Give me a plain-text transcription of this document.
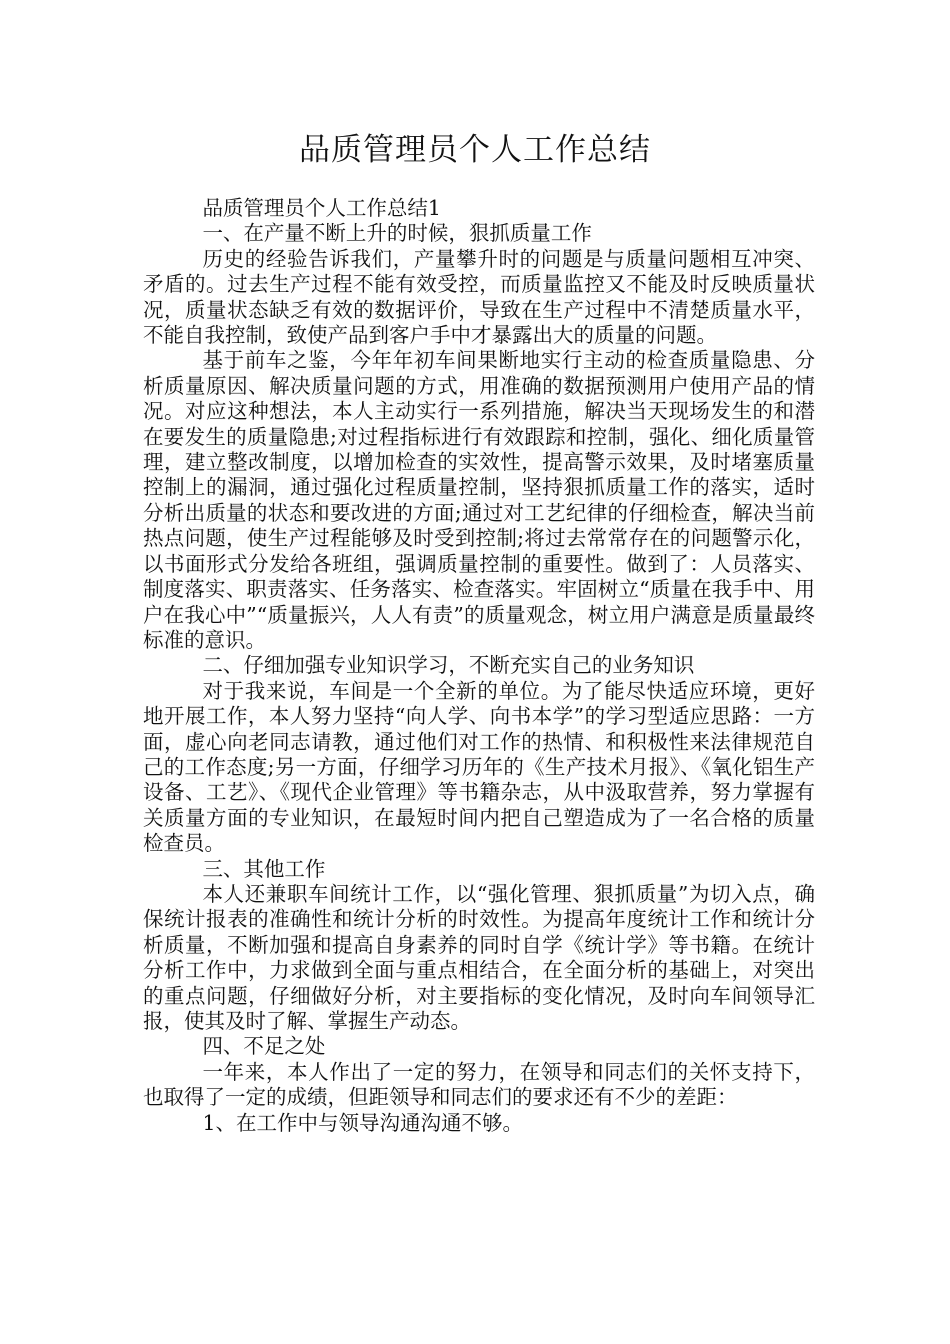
品质管理员个人工作总结

品质管理员个人工作总结1

一、在产量不断上升的时候，狠抓质量工作

历史的经验告诉我们，产量攀升时的问题是与质量问题相互冲突、矛盾的。过去生产过程不能有效受控，而质量监控又不能及时反映质量状况，质量状态缺乏有效的数据评价，导致在生产过程中不清楚质量水平，不能自我控制，致使产品到客户手中才暴露出大的质量的问题。

基于前车之鉴，今年年初车间果断地实行主动的检查质量隐患、分析质量原因、解决质量问题的方式，用准确的数据预测用户使用产品的情况。对应这种想法，本人主动实行一系列措施，解决当天现场发生的和潜在要发生的质量隐患;对过程指标进行有效跟踪和控制，强化、细化质量管理，建立整改制度，以增加检查的实效性，提高警示效果，及时堵塞质量控制上的漏洞，通过强化过程质量控制，坚持狠抓质量工作的落实，适时分析出质量的状态和要改进的方面;通过对工艺纪律的仔细检查，解决当前热点问题，使生产过程能够及时受到控制;将过去常常存在的问题警示化，以书面形式分发给各班组，强调质量控制的重要性。做到了：人员落实、制度落实、职责落实、任务落实、检查落实。牢固树立“质量在我手中、用户在我心中”“质量振兴，人人有责”的质量观念，树立用户满意是质量最终标准的意识。

二、仔细加强专业知识学习，不断充实自己的业务知识

对于我来说，车间是一个全新的单位。为了能尽快适应环境，更好地开展工作，本人努力坚持“向人学、向书本学”的学习型适应思路：一方面，虚心向老同志请教，通过他们对工作的热情、和积极性来法律规范自己的工作态度;另一方面，仔细学习历年的《生产技术月报》、《氧化铝生产设备、工艺》、《现代企业管理》等书籍杂志，从中汲取营养，努力掌握有关质量方面的专业知识，在最短时间内把自己塑造成为了一名合格的质量检查员。

三、其他工作

本人还兼职车间统计工作，以“强化管理、狠抓质量”为切入点，确保统计报表的准确性和统计分析的时效性。为提高年度统计工作和统计分析质量，不断加强和提高自身素养的同时自学《统计学》等书籍。在统计分析工作中，力求做到全面与重点相结合，在全面分析的基础上，对突出的重点问题，仔细做好分析，对主要指标的变化情况，及时向车间领导汇报，使其及时了解、掌握生产动态。

四、不足之处

一年来，本人作出了一定的努力，在领导和同志们的关怀支持下，也取得了一定的成绩，但距领导和同志们的要求还有不少的差距：

1、在工作中与领导沟通沟通不够。
